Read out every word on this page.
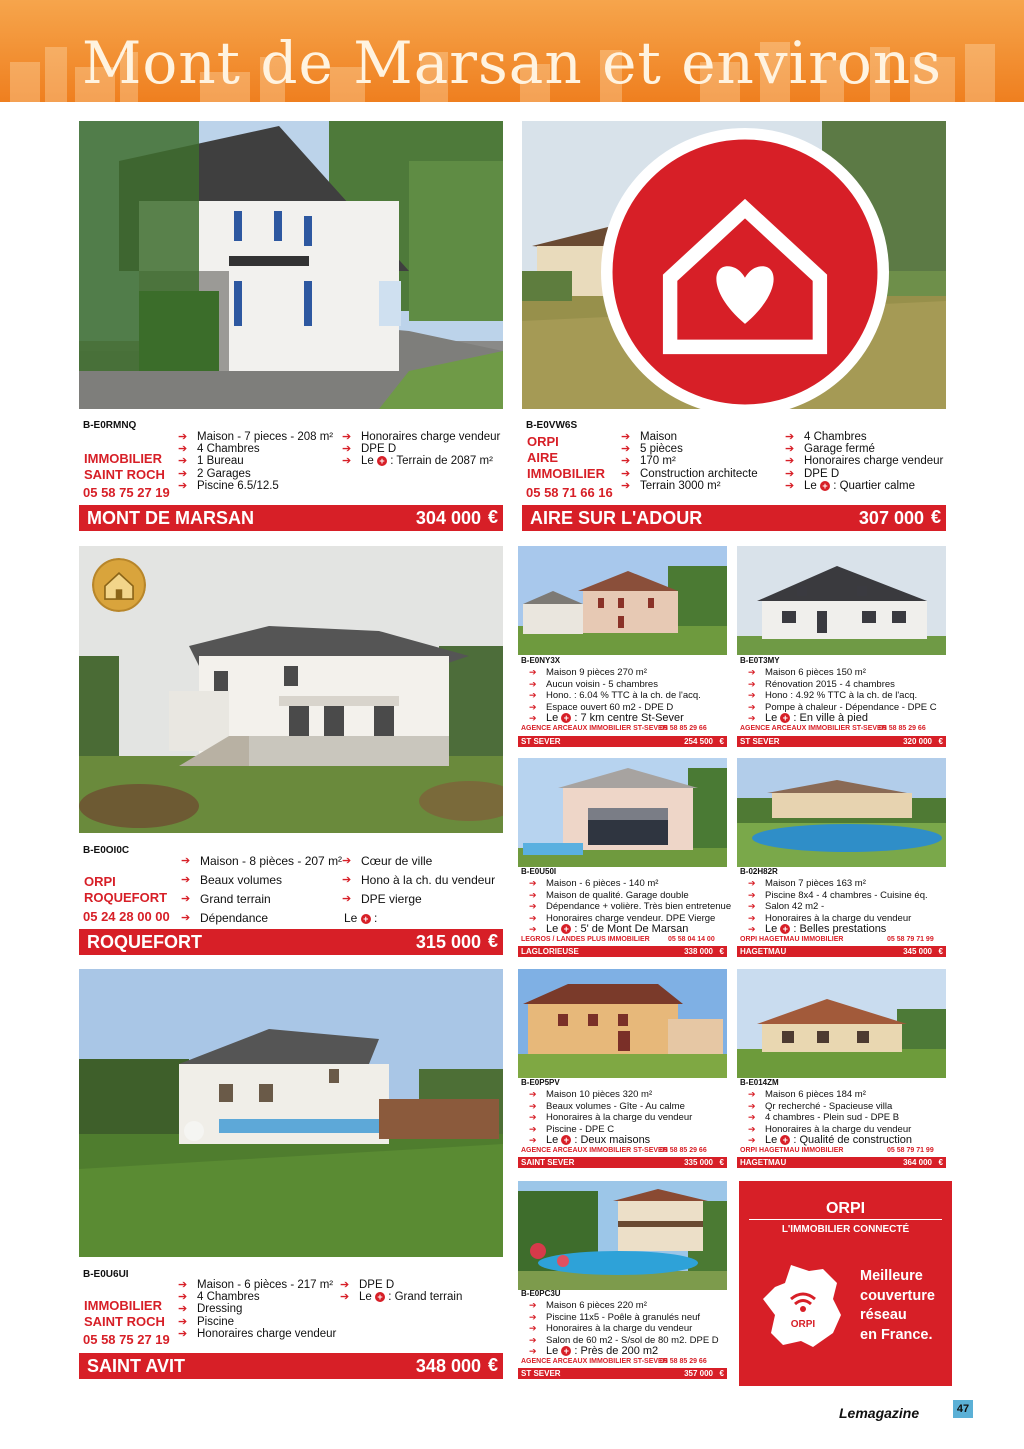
Mont de Marsan et environs
B-E0RMNQ
IMMOBILIER
SAINT ROCH
05 58 75 27 19
➔ Maison - 7 pieces - 208 m²
➔ 4 Chambres
➔ 1 Bureau
➔ 2 Garages
➔ Piscine 6.5/12.5
➔ Honoraires charge vendeur
➔ DPE D
➔ Le + : Terrain de 2087 m²
MONT DE MARSAN	304 000 €
B-E0VW6S
ORPI
AIRE
IMMOBILIER
05 58 71 66 16
➔ Maison
➔ 5 pièces
➔ 170 m²
➔ Construction architecte
➔ Terrain 3000 m²
➔ 4 Chambres
➔ Garage fermé
➔ Honoraires charge vendeur
➔ DPE D
➔ Le + : Quartier calme
AIRE SUR L'ADOUR	307 000 €
B-E0OI0C
ORPI
ROQUEFORT
05 24 28 00 00
➔ Maison - 8 pièces - 207 m²
➔ Beaux volumes
➔ Grand terrain
➔ Dépendance
➔ Cœur de ville
➔ Hono à la ch. du vendeur
➔ DPE vierge
Le + :
ROQUEFORT	315 000 €
B-E0U6UI
IMMOBILIER
SAINT ROCH
05 58 75 27 19
➔ Maison - 6 pièces - 217 m²
➔ 4 Chambres
➔ Dressing
➔ Piscine
➔ Honoraires charge vendeur
➔ DPE D
➔ Le + : Grand terrain
SAINT AVIT	348 000 €
B-E0NY3X
➔ Maison 9 pièces 270 m²
➔ Aucun voisin - 5 chambres
➔ Hono. : 6.04 % TTC à la ch. de l'acq.
➔ Espace ouvert 60 m2 - DPE D
➔ Le + : 7 km centre St-Sever
AGENCE ARCEAUX IMMOBILIER ST-SEVER
05 58 85 29 66
ST SEVER	254 500 €
B-E0T3MY
➔ Maison 6 pièces 150 m²
➔ Rénovation 2015 - 4 chambres
➔ Hono : 4.92 % TTC à la ch. de l'acq.
➔ Pompe à chaleur - Dépendance - DPE C
➔ Le + : En ville à pied
AGENCE ARCEAUX IMMOBILIER ST-SEVER
05 58 85 29 66
ST SEVER	320 000 €
B-E0U50I
➔ Maison - 6 pièces - 140 m²
➔ Maison de qualité. Garage double
➔ Dépendance + volière. Très bien entretenue
➔ Honoraires charge vendeur. DPE Vierge
➔ Le + : 5' de Mont De Marsan
LEGROS / LANDES PLUS IMMOBILIER	05 58 04 14 00
LAGLORIEUSE	338 000 €
B-02H82R
➔ Maison 7 pièces 163 m²
➔ Piscine 8x4 - 4 chambres - Cuisine éq.
➔ Salon 42 m2 -
➔ Honoraires à la charge du vendeur
➔ Le + : Belles prestations
ORPI HAGETMAU IMMOBILIER	05 58 79 71 99
HAGETMAU	345 000 €
B-E0P5PV
➔ Maison 10 pièces 320 m²
➔ Beaux volumes - Gîte - Au calme
➔ Honoraires à la charge du vendeur
➔ Piscine - DPE C
➔ Le + : Deux maisons
AGENCE ARCEAUX IMMOBILIER ST-SEVER
05 58 85 29 66
SAINT SEVER	335 000 €
B-E014ZM
➔ Maison 6 pièces 184 m²
➔ Qr recherché - Spacieuse villa
➔ 4 chambres - Plein sud - DPE B
➔ Honoraires à la charge du vendeur
➔ Le + : Qualité de construction
ORPI HAGETMAU IMMOBILIER	05 58 79 71 99
HAGETMAU	364 000 €
B-E0PC3U
➔ Maison 6 pièces 220 m²
➔ Piscine 11x5 - Poêle à granulés neuf
➔ Honoraires à la charge du vendeur
➔ Salon de 60 m2 - S/sol de 80 m2. DPE D
➔ Le + : Près de 200 m2
AGENCE ARCEAUX IMMOBILIER ST-SEVER
05 58 85 29 66
ST SEVER	357 000 €
ORPI
L'IMMOBILIER CONNECTÉ
ORPI
Meilleure
couverture
réseau
en France.
Lemagazine	47
